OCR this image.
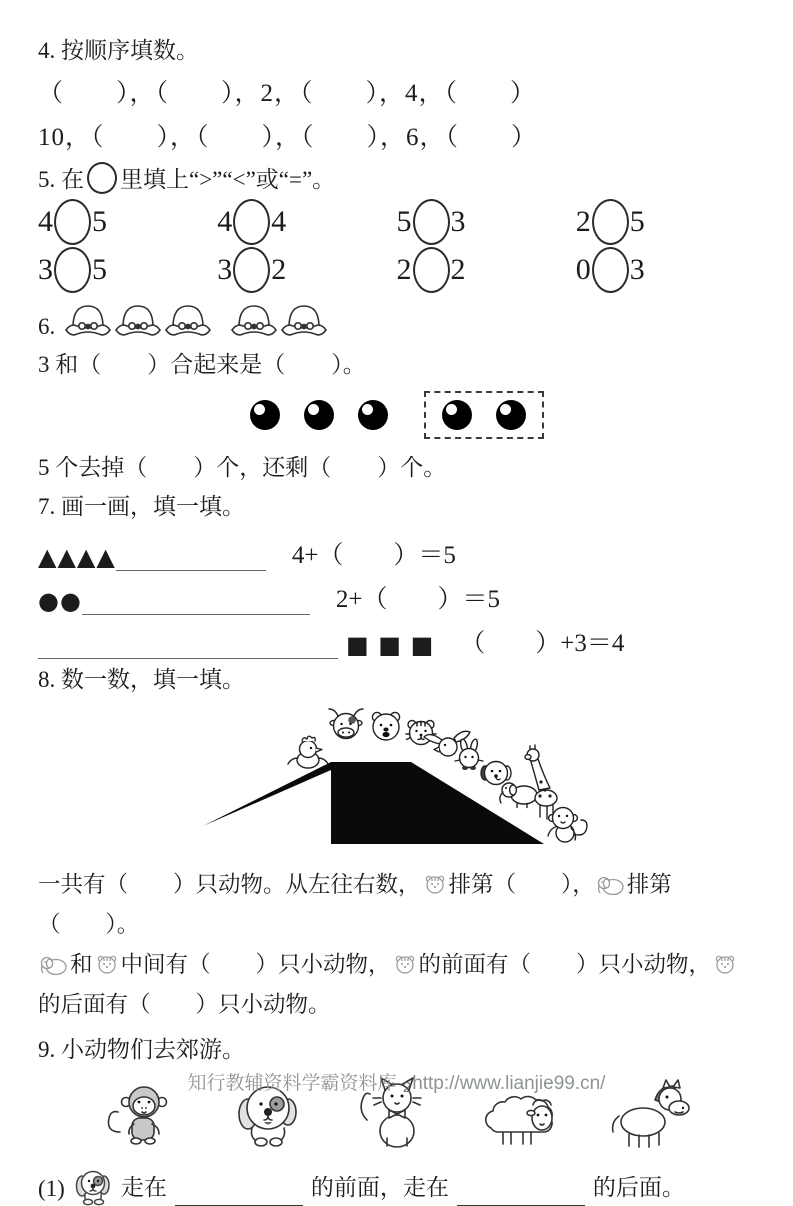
4. 按顺序填数。
（　　），（　　），2，（　　），4，（　　）
10，（　　），（　　），（　　），6，（　　）
5. 在 里填上“>”“<”或“=”。
4 5	4 4	5 3	2 5
3 5	3 2	2 2	0 3
6.
3 和（　　）合起来是（　　）。
5 个去掉（　　）个，还剩（　　）个。
7. 画一画，填一填。
▲▲▲▲	4+（　　）＝5
●●	2+（　　）＝5
■ ■ ■ （　　）+3＝4
8. 数一数，填一填。
一共有（　　）只动物。从左往右数， 排第（　　）， 排第（　　）。
和 中间有（　　）只小动物， 的前面有（　　）只小动物，
的后面有（　　）只小动物。
9. 小动物们去郊游。
(1) 走在	的前面，走在	的后面。
知行教辅资料学霸资料库 2http://www.lianjie99.cn/
